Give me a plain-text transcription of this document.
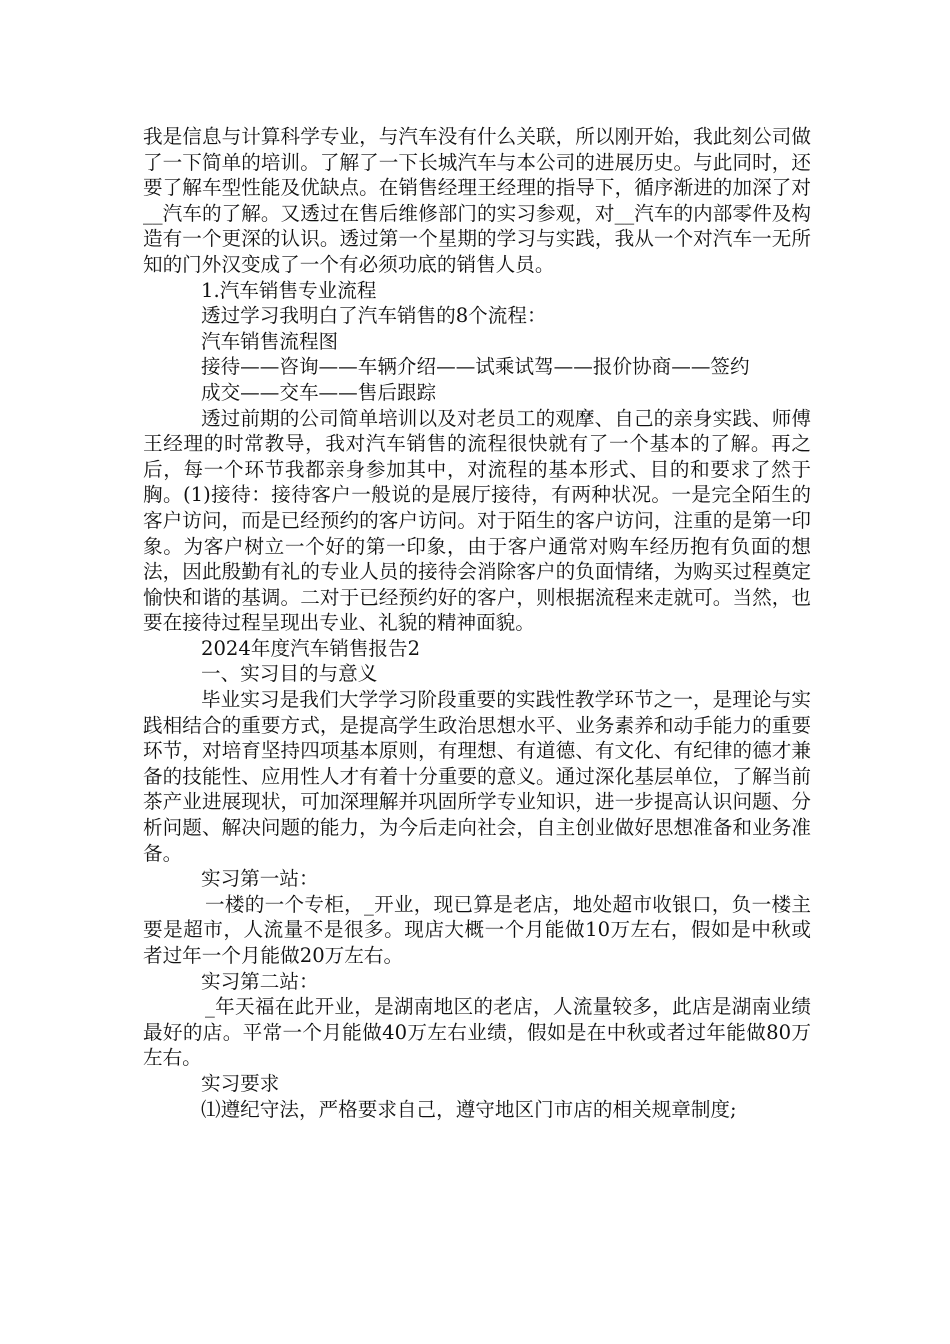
我是信息与计算科学专业，与汽车没有什么关联，所以刚开始，我此刻公司做了一下简单的培训。了解了一下长城汽车与本公司的进展历史。与此同时，还要了解车型性能及优缺点。在销售经理王经理的指导下，循序渐进的加深了对__汽车的了解。又透过在售后维修部门的实习参观，对__汽车的内部零件及构造有一个更深的认识。透过第一个星期的学习与实践，我从一个对汽车一无所知的门外汉变成了一个有必须功底的销售人员。

1.汽车销售专业流程

透过学习我明白了汽车销售的8个流程：

汽车销售流程图

接待——咨询——车辆介绍——试乘试驾——报价协商——签约

成交——交车——售后跟踪

透过前期的公司简单培训以及对老员工的观摩、自己的亲身实践、师傅王经理的时常教导，我对汽车销售的流程很快就有了一个基本的了解。再之后，每一个环节我都亲身参加其中，对流程的基本形式、目的和要求了然于胸。(1)接待：接待客户一般说的是展厅接待，有两种状况。一是完全陌生的客户访问，而是已经预约的客户访问。对于陌生的客户访问，注重的是第一印象。为客户树立一个好的第一印象，由于客户通常对购车经历抱有负面的想法，因此殷勤有礼的专业人员的接待会消除客户的负面情绪，为购买过程奠定愉快和谐的基调。二对于已经预约好的客户，则根据流程来走就可。当然，也要在接待过程呈现出专业、礼貌的精神面貌。

2024年度汽车销售报告2

一、实习目的与意义

毕业实习是我们大学学习阶段重要的实践性教学环节之一，是理论与实践相结合的重要方式，是提高学生政治思想水平、业务素养和动手能力的重要环节，对培育坚持四项基本原则，有理想、有道德、有文化、有纪律的德才兼备的技能性、应用性人才有着十分重要的意义。通过深化基层单位，了解当前茶产业进展现状，可加深理解并巩固所学专业知识，进一步提高认识问题、分析问题、解决问题的能力，为今后走向社会，自主创业做好思想准备和业务准备。

实习第一站：

一楼的一个专柜，_开业，现已算是老店，地处超市收银口，负一楼主要是超市，人流量不是很多。现店大概一个月能做10万左右，假如是中秋或者过年一个月能做20万左右。

实习第二站：

_年天福在此开业，是湖南地区的老店，人流量较多，此店是湖南业绩最好的店。平常一个月能做40万左右业绩，假如是在中秋或者过年能做80万左右。

实习要求

⑴遵纪守法，严格要求自己，遵守地区门市店的相关规章制度;
